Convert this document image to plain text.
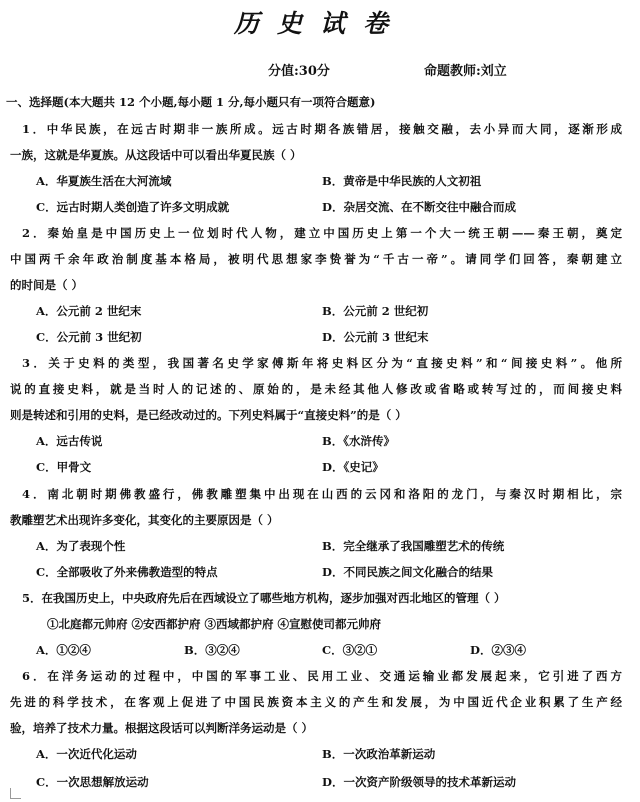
历史试卷
分值:30分	命题教师:刘立
一、选择题(本大题共 12 个小题,每小题 1 分,每小题只有一项符合题意)
1．中华民族，在远古时期非一族所成。远古时期各族错居，接触交融，去小异而大同，逐渐形成
一族，这就是华夏族。从这段话中可以看出华夏民族（ ）
A．华夏族生活在大河流域	B．黄帝是中华民族的人文初祖
C．远古时期人类创造了许多文明成就	D．杂居交流、在不断交往中融合而成
2．秦始皇是中国历史上一位划时代人物，建立中国历史上第一个大一统王朝——秦王朝，奠定
中国两千余年政治制度基本格局，被明代思想家李贽誉为“千古一帝”。请同学们回答，秦朝建立
的时间是（ ）
A．公元前 2 世纪末	B．公元前 2 世纪初
C．公元前 3 世纪初	D．公元前 3 世纪末
3．关于史料的类型，我国著名史学家傅斯年将史料区分为“直接史料”和“间接史料”。他所
说的直接史料，就是当时人的记述的、原始的，是未经其他人修改或省略或转写过的，而间接史料
则是转述和引用的史料，是已经改动过的。下列史料属于“直接史料”的是（ ）
A．远古传说	B．《水浒传》
C．甲骨文	D．《史记》
4．南北朝时期佛教盛行，佛教雕塑集中出现在山西的云冈和洛阳的龙门，与秦汉时期相比，宗
教雕塑艺术出现许多变化，其变化的主要原因是（ ）
A．为了表现个性	B．完全继承了我国雕塑艺术的传统
C．全部吸收了外来佛教造型的特点	D．不同民族之间文化融合的结果
5．在我国历史上，中央政府先后在西域设立了哪些地方机构，逐步加强对西北地区的管理（ ）
①北庭都元帅府 ②安西都护府 ③西域都护府 ④宣慰使司都元帅府
A．①②④	B．③②④	C．③②①	D．②③④
6．在洋务运动的过程中，中国的军事工业、民用工业、交通运输业都发展起来，它引进了西方
先进的科学技术，在客观上促进了中国民族资本主义的产生和发展，为中国近代企业积累了生产经
验，培养了技术力量。根据这段话可以判断洋务运动是（ ）
A．一次近代化运动	B．一次政治革新运动
C．一次思想解放运动	D．一次资产阶级领导的技术革新运动
